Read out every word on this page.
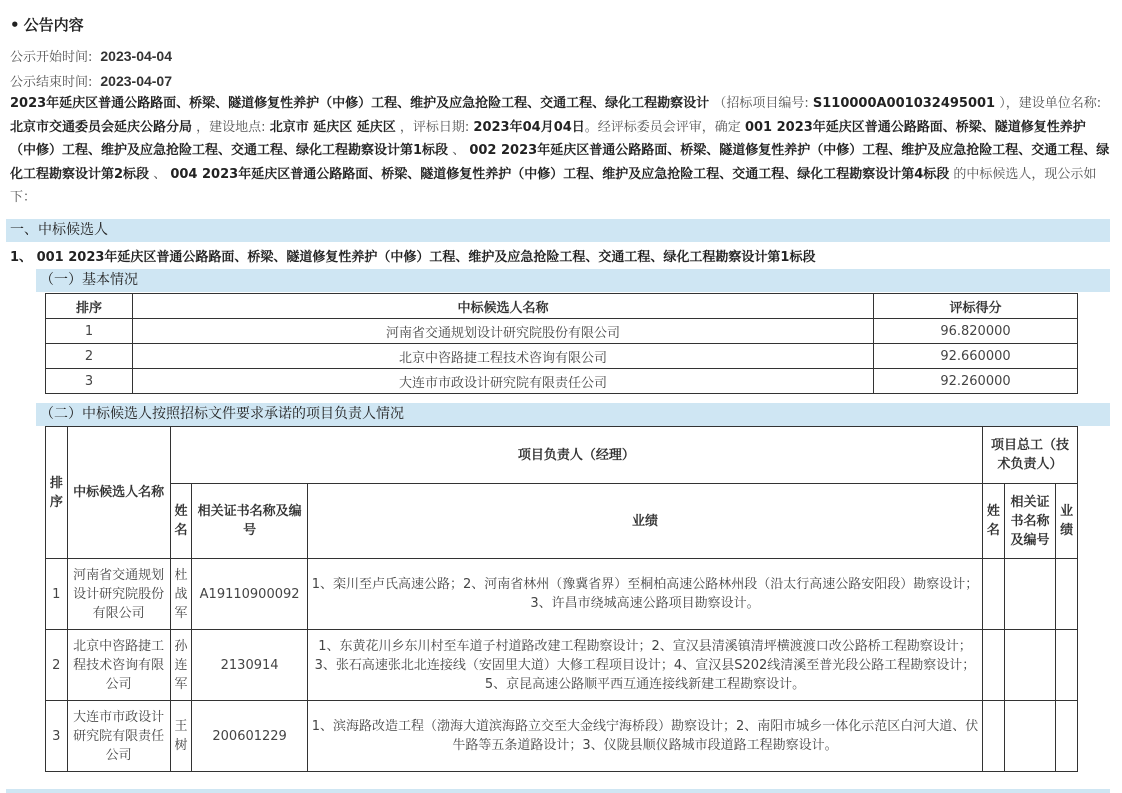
• 公告内容
公示开始时间: 2023-04-04
公示结束时间: 2023-04-07
2023年延庆区普通公路路面、桥梁、隧道修复性养护（中修）工程、维护及应急抢险工程、交通工程、绿化工程勘察设计 （招标项目编号: S110000A001032495001 ），建设单位名称: 北京市交通委员会延庆公路分局 ，建设地点: 北京市 延庆区 延庆区 ，评标日期: 2023年04月04日。经评标委员会评审，确定 001 2023年延庆区普通公路路面、桥梁、隧道修复性养护（中修）工程、维护及应急抢险工程、交通工程、绿化工程勘察设计第1标段 、 002 2023年延庆区普通公路路面、桥梁、隧道修复性养护（中修）工程、维护及应急抢险工程、交通工程、绿化工程勘察设计第2标段 、 004 2023年延庆区普通公路路面、桥梁、隧道修复性养护（中修）工程、维护及应急抢险工程、交通工程、绿化工程勘察设计第4标段 的中标候选人，现公示如下：
一、中标候选人
1、 001 2023年延庆区普通公路路面、桥梁、隧道修复性养护（中修）工程、维护及应急抢险工程、交通工程、绿化工程勘察设计第1标段
（一）基本情况
排序	中标候选人名称	评标得分
1	河南省交通规划设计研究院股份有限公司	96.820000
2	北京中咨路捷工程技术咨询有限公司	92.660000
3	大连市市政设计研究院有限责任公司	92.260000
（二）中标候选人按照招标文件要求承诺的项目负责人情况
排序	中标候选人名称	项目负责人（经理）			项目总工（技术负责人）		
		姓名	相关证书名称及编号	业绩	姓名	相关证书名称及编号	业绩
1	河南省交通规划设计研究院股份有限公司	杜战军	A19110900092	1、栾川至卢氏高速公路；2、河南省林州（豫冀省界）至桐柏高速公路林州段（沿太行高速公路安阳段）勘察设计；3、许昌市绕城高速公路项目勘察设计。			
2	北京中咨路捷工程技术咨询有限公司	孙连军	2130914	1、东黄花川乡东川村至车道子村道路改建工程勘察设计；2、宣汉县清溪镇清坪横渡渡口改公路桥工程勘察设计；3、张石高速张北北连接线（安固里大道）大修工程项目设计；4、宣汉县S202线清溪至普光段公路工程勘察设计；5、京昆高速公路顺平西互通连接线新建工程勘察设计。			
3	大连市市政设计研究院有限责任公司	王树	200601229	1、滨海路改造工程（渤海大道滨海路立交至大金线宁海桥段）勘察设计；2、南阳市城乡一体化示范区白河大道、伏牛路等五条道路设计；3、仪陇县顺仪路城市段道路工程勘察设计。			
